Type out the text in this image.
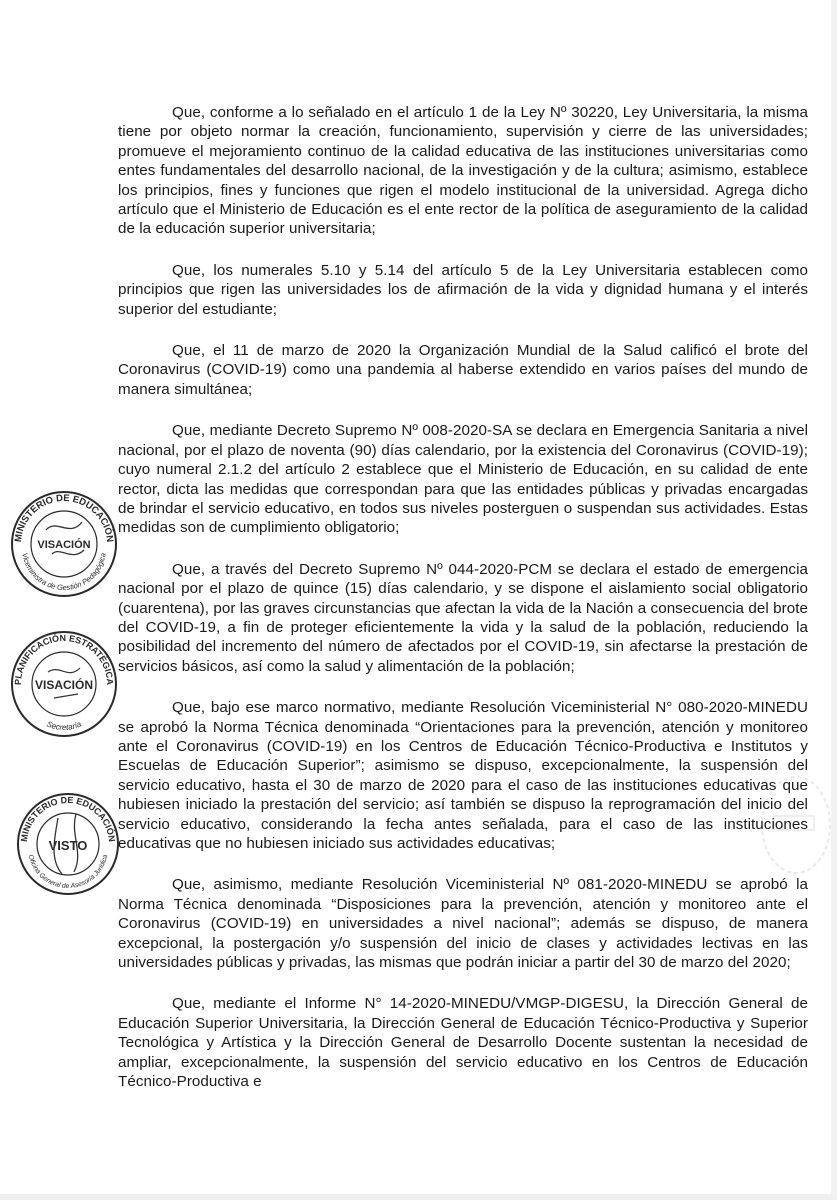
Que, conforme a lo señalado en el artículo 1 de la Ley Nº 30220, Ley Universitaria, la misma tiene por objeto normar la creación, funcionamiento, supervisión y cierre de las universidades; promueve el mejoramiento continuo de la calidad educativa de las instituciones universitarias como entes fundamentales del desarrollo nacional, de la investigación y de la cultura; asimismo, establece los principios, fines y funciones que rigen el modelo institucional de la universidad. Agrega dicho artículo que el Ministerio de Educación es el ente rector de la política de aseguramiento de la calidad de la educación superior universitaria;

Que, los numerales 5.10 y 5.14 del artículo 5 de la Ley Universitaria establecen como principios que rigen las universidades los de afirmación de la vida y dignidad humana y el interés superior del estudiante;

Que, el 11 de marzo de 2020 la Organización Mundial de la Salud calificó el brote del Coronavirus (COVID-19) como una pandemia al haberse extendido en varios países del mundo de manera simultánea;

Que, mediante Decreto Supremo Nº 008-2020-SA se declara en Emergencia Sanitaria a nivel nacional, por el plazo de noventa (90) días calendario, por la existencia del Coronavirus (COVID-19); cuyo numeral 2.1.2 del artículo 2 establece que el Ministerio de Educación, en su calidad de ente rector, dicta las medidas que correspondan para que las entidades públicas y privadas encargadas de brindar el servicio educativo, en todos sus niveles posterguen o suspendan sus actividades. Estas medidas son de cumplimiento obligatorio;

Que, a través del Decreto Supremo Nº 044-2020-PCM se declara el estado de emergencia nacional por el plazo de quince (15) días calendario, y se dispone el aislamiento social obligatorio (cuarentena), por las graves circunstancias que afectan la vida de la Nación a consecuencia del brote del COVID-19, a fin de proteger eficientemente la vida y la salud de la población, reduciendo la posibilidad del incremento del número de afectados por el COVID-19, sin afectarse la prestación de servicios básicos, así como la salud y alimentación de la población;

Que, bajo ese marco normativo, mediante Resolución Viceministerial N° 080-2020-MINEDU se aprobó la Norma Técnica denominada “Orientaciones para la prevención, atención y monitoreo ante el Coronavirus (COVID-19) en los Centros de Educación Técnico-Productiva e Institutos y Escuelas de Educación Superior”; asimismo se dispuso, excepcionalmente, la suspensión del servicio educativo, hasta el 30 de marzo de 2020 para el caso de las instituciones educativas que hubiesen iniciado la prestación del servicio; así también se dispuso la reprogramación del inicio del servicio educativo, considerando la fecha antes señalada, para el caso de las instituciones educativas que no hubiesen iniciado sus actividades educativas;

Que, asimismo, mediante Resolución Viceministerial Nº 081-2020-MINEDU se aprobó la Norma Técnica denominada “Disposiciones para la prevención, atención y monitoreo ante el Coronavirus (COVID-19) en universidades a nivel nacional”; además se dispuso, de manera excepcional, la postergación y/o suspensión del inicio de clases y actividades lectivas en las universidades públicas y privadas, las mismas que podrán iniciar a partir del 30 de marzo del 2020;

Que, mediante el Informe N° 14-2020-MINEDU/VMGP-DIGESU, la Dirección General de Educación Superior Universitaria, la Dirección General de Educación Técnico-Productiva y Superior Tecnológica y Artística y la Dirección General de Desarrollo Docente sustentan la necesidad de ampliar, excepcionalmente, la suspensión del servicio educativo en los Centros de Educación Técnico-Productiva e

MINISTERIO DE EDUCACIÓN
Viceministra de Gestión Pedagógica
VISACIÓN
PLANIFICACIÓN ESTRATÉGICA
Secretaría
VISACIÓN
MINISTERIO DE EDUCACIÓN
Oficina General de Asesoría Jurídica
VISTO
